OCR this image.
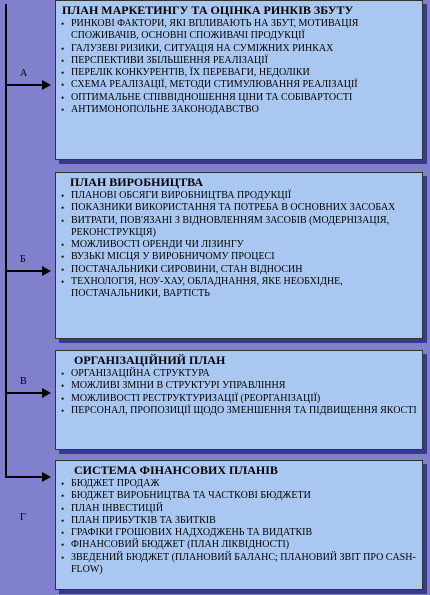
А
ПЛАН МАРКЕТИНГУ ТА ОЦІНКА РИНКІВ ЗБУТУ
• РИНКОВІ ФАКТОРИ, ЯКІ ВПЛИВАЮТЬ НА ЗБУТ, МОТИВАЦІЯ СПОЖИВАЧІВ, ОСНОВНІ СПОЖИВАЧІ ПРОДУКЦІЇ
• ГАЛУЗЕВІ РИЗИКИ, СИТУАЦІЯ НА СУМІЖНИХ РИНКАХ
• ПЕРСПЕКТИВИ ЗБІЛЬШЕННЯ РЕАЛІЗАЦІЇ
• ПЕРЕЛІК КОНКУРЕНТІВ, ЇХ ПЕРЕВАГИ, НЕДОЛІКИ
• СХЕМА РЕАЛІЗАЦІЇ, МЕТОДИ СТИМУЛЮВАННЯ РЕАЛІЗАЦІЇ
• ОПТИМАЛЬНЕ СПІВВІДНОШЕННЯ ЦІНИ ТА СОБІВАРТОСТІ
• АНТИМОНОПОЛЬНЕ ЗАКОНОДАВСТВО
Б
ПЛАН ВИРОБНИЦТВА
• ПЛАНОВІ ОБСЯГИ ВИРОБНИЦТВА ПРОДУКЦІЇ
• ПОКАЗНИКИ ВИКОРИСТАННЯ ТА ПОТРЕБА В ОСНОВНИХ ЗАСОБАХ
• ВИТРАТИ, ПОВ'ЯЗАНІ З ВІДНОВЛЕННЯМ ЗАСОБІВ (МОДЕРНІЗАЦІЯ, РЕКОНСТРУКЦІЯ)
• МОЖЛИВОСТІ ОРЕНДИ ЧИ ЛІЗИНГУ
• ВУЗЬКІ МІСЦЯ У ВИРОБНИЧОМУ ПРОЦЕСІ
• ПОСТАЧАЛЬНИКИ СИРОВИНИ, СТАН ВІДНОСИН
• ТЕХНОЛОГІЯ, НОУ-ХАУ, ОБЛАДНАННЯ, ЯКЕ НЕОБХІДНЕ, ПОСТАЧАЛЬНИКИ, ВАРТІСТЬ
В
ОРГАНІЗАЦІЙНИЙ ПЛАН
• ОРГАНІЗАЦІЙНА СТРУКТУРА
• МОЖЛИВІ ЗМІНИ В СТРУКТУРІ УПРАВЛІННЯ
• МОЖЛИВОСТІ РЕСТРУКТУРИЗАЦІЇ (РЕОРГАНІЗАЦІЇ)
• ПЕРСОНАЛ, ПРОПОЗИЦІЇ ЩОДО ЗМЕНШЕННЯ ТА ПІДВИЩЕННЯ ЯКОСТІ
Г
СИСТЕМА ФІНАНСОВИХ ПЛАНІВ
• БЮДЖЕТ ПРОДАЖ
• БЮДЖЕТ ВИРОБНИЦТВА ТА ЧАСТКОВІ БЮДЖЕТИ
• ПЛАН ІНВЕСТИЦІЙ
• ПЛАН ПРИБУТКІВ ТА ЗБИТКІВ
• ГРАФІКИ ГРОШОВИХ НАДХОДЖЕНЬ ТА ВИДАТКІВ
• ФІНАНСОВИЙ БЮДЖЕТ (ПЛАН ЛІКВІДНОСТІ)
• ЗВЕДЕНИЙ БЮДЖЕТ (ПЛАНОВИЙ БАЛАНС; ПЛАНОВИЙ ЗВІТ ПРО CASH-FLOW)
